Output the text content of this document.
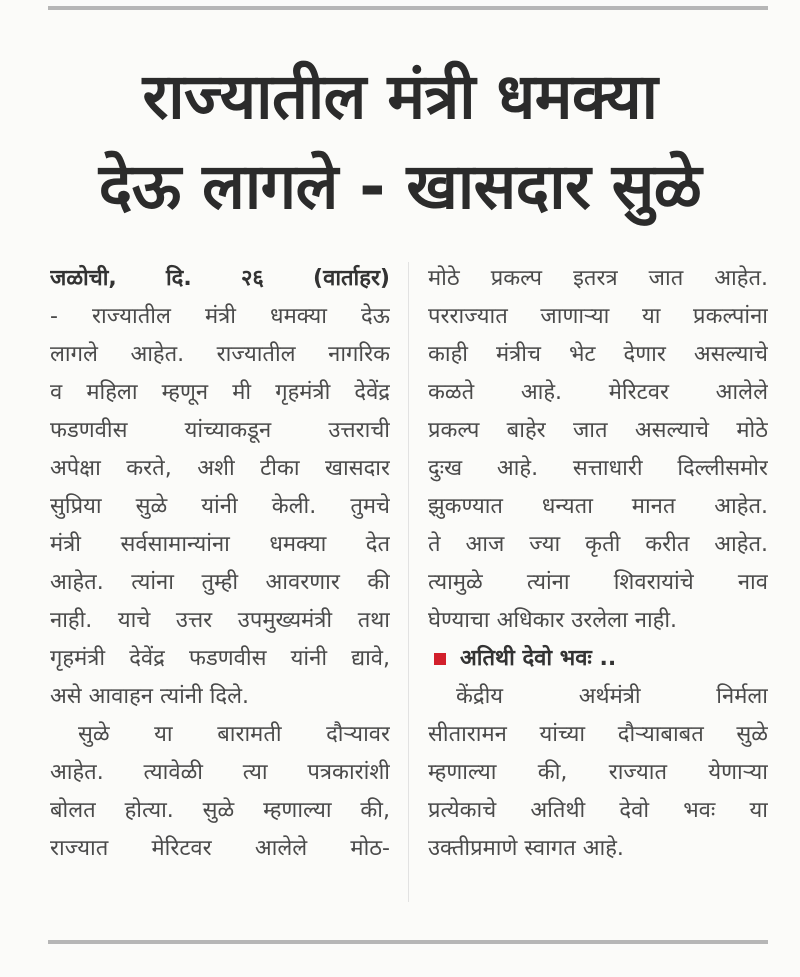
राज्यातील मंत्री धमक्या
देऊ लागले - खासदार सुळे
जळोची, दि. २६ (वार्ताहर)
- राज्यातील मंत्री धमक्या देऊ
लागले आहेत. राज्यातील नागरिक
व महिला म्हणून मी गृहमंत्री देवेंद्र
फडणवीस यांच्याकडून उत्तराची
अपेक्षा करते, अशी टीका खासदार
सुप्रिया सुळे यांनी केली. तुमचे
मंत्री सर्वसामान्यांना धमक्या देत
आहेत. त्यांना तुम्ही आवरणार की
नाही. याचे उत्तर उपमुख्यमंत्री तथा
गृहमंत्री देवेंद्र फडणवीस यांनी द्यावे,
असे आवाहन त्यांनी दिले.
सुळे या बारामती दौऱ्यावर
आहेत. त्यावेळी त्या पत्रकारांशी
बोलत होत्या. सुळे म्हणाल्या की,
राज्यात मेरिटवर आलेले मोठ-
मोठे प्रकल्प इतरत्र जात आहेत.
परराज्यात जाणाऱ्या या प्रकल्पांना
काही मंत्रीच भेट देणार असल्याचे
कळते आहे. मेरिटवर आलेले
प्रकल्प बाहेर जात असल्याचे मोठे
दुःख आहे. सत्ताधारी दिल्लीसमोर
झुकण्यात धन्यता मानत आहेत.
ते आज ज्या कृती करीत आहेत.
त्यामुळे त्यांना शिवरायांचे नाव
घेण्याचा अधिकार उरलेला नाही.
अतिथी देवो भवः ..
केंद्रीय अर्थमंत्री निर्मला
सीतारामन यांच्या दौऱ्याबाबत सुळे
म्हणाल्या की, राज्यात येणाऱ्या
प्रत्येकाचे अतिथी देवो भवः या
उक्तीप्रमाणे स्वागत आहे.
